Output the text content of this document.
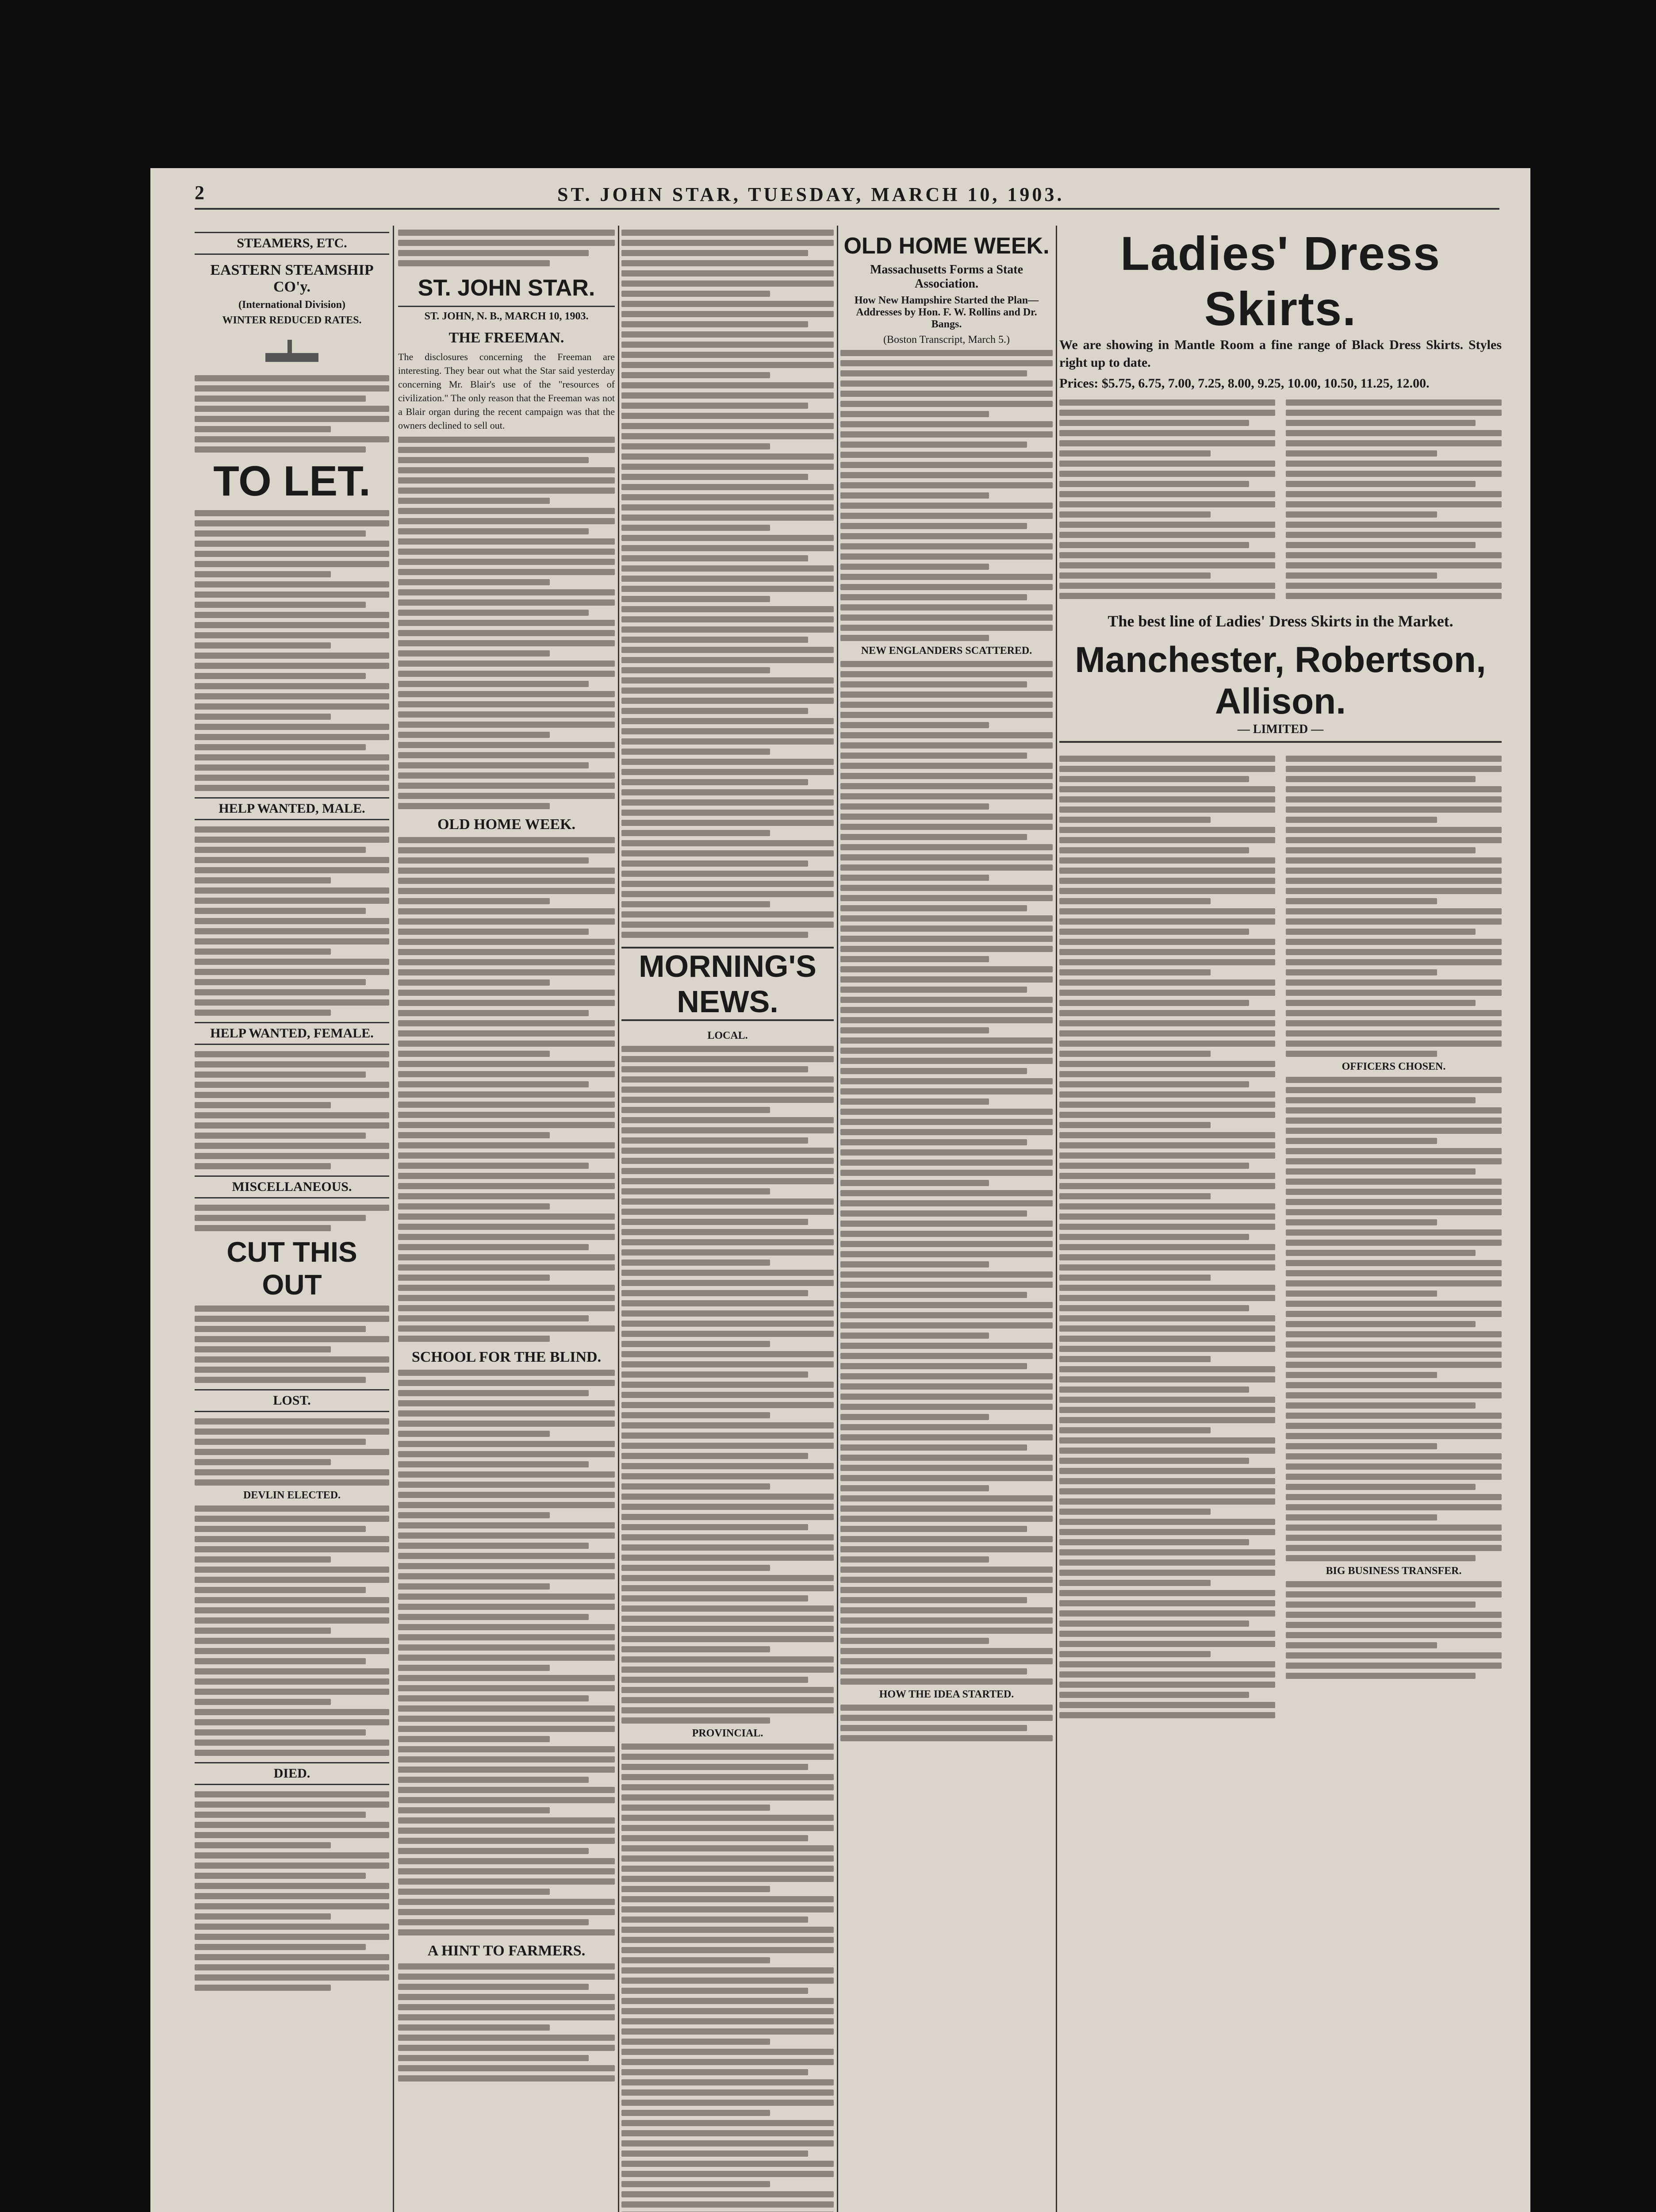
2	ST. JOHN STAR, TUESDAY, MARCH 10, 1903.
STEAMERS, ETC.
EASTERN STEAMSHIP CO'y.
(International Division)
WINTER REDUCED RATES.
TO LET.
HELP WANTED, MALE.
HELP WANTED, FEMALE.
MISCELLANEOUS.
CUT THIS OUT
LOST.
DEVLIN ELECTED.
DIED.
ST. JOHN STAR.
ST. JOHN, N. B., MARCH 10, 1903.
THE FREEMAN.

The disclosures concerning the Freeman are interesting. They bear out what the Star said yesterday concerning Mr. Blair's use of the "resources of civilization." The only reason that the Freeman was not a Blair organ during the recent campaign was that the owners declined to sell out.

OLD HOME WEEK.
SCHOOL FOR THE BLIND.
A HINT TO FARMERS.
MORNING'S NEWS.
LOCAL.
PROVINCIAL.
OLD HOME WEEK.
Massachusetts Forms a State Association.
How New Hampshire Started the Plan—Addresses by Hon. F. W. Rollins and Dr. Bangs.
(Boston Transcript, March 5.)
NEW ENGLANDERS SCATTERED.
HOW THE IDEA STARTED.
Ladies' Dress Skirts.

We are showing in Mantle Room a fine range of Black Dress Skirts. Styles right up to date.

Prices: $5.75, 6.75, 7.00, 7.25, 8.00, 9.25, 10.00, 10.50, 11.25, 12.00.
The best line of Ladies' Dress Skirts in the Market.
Manchester, Robertson, Allison.
— LIMITED —
OFFICERS CHOSEN.
BIG BUSINESS TRANSFER.
